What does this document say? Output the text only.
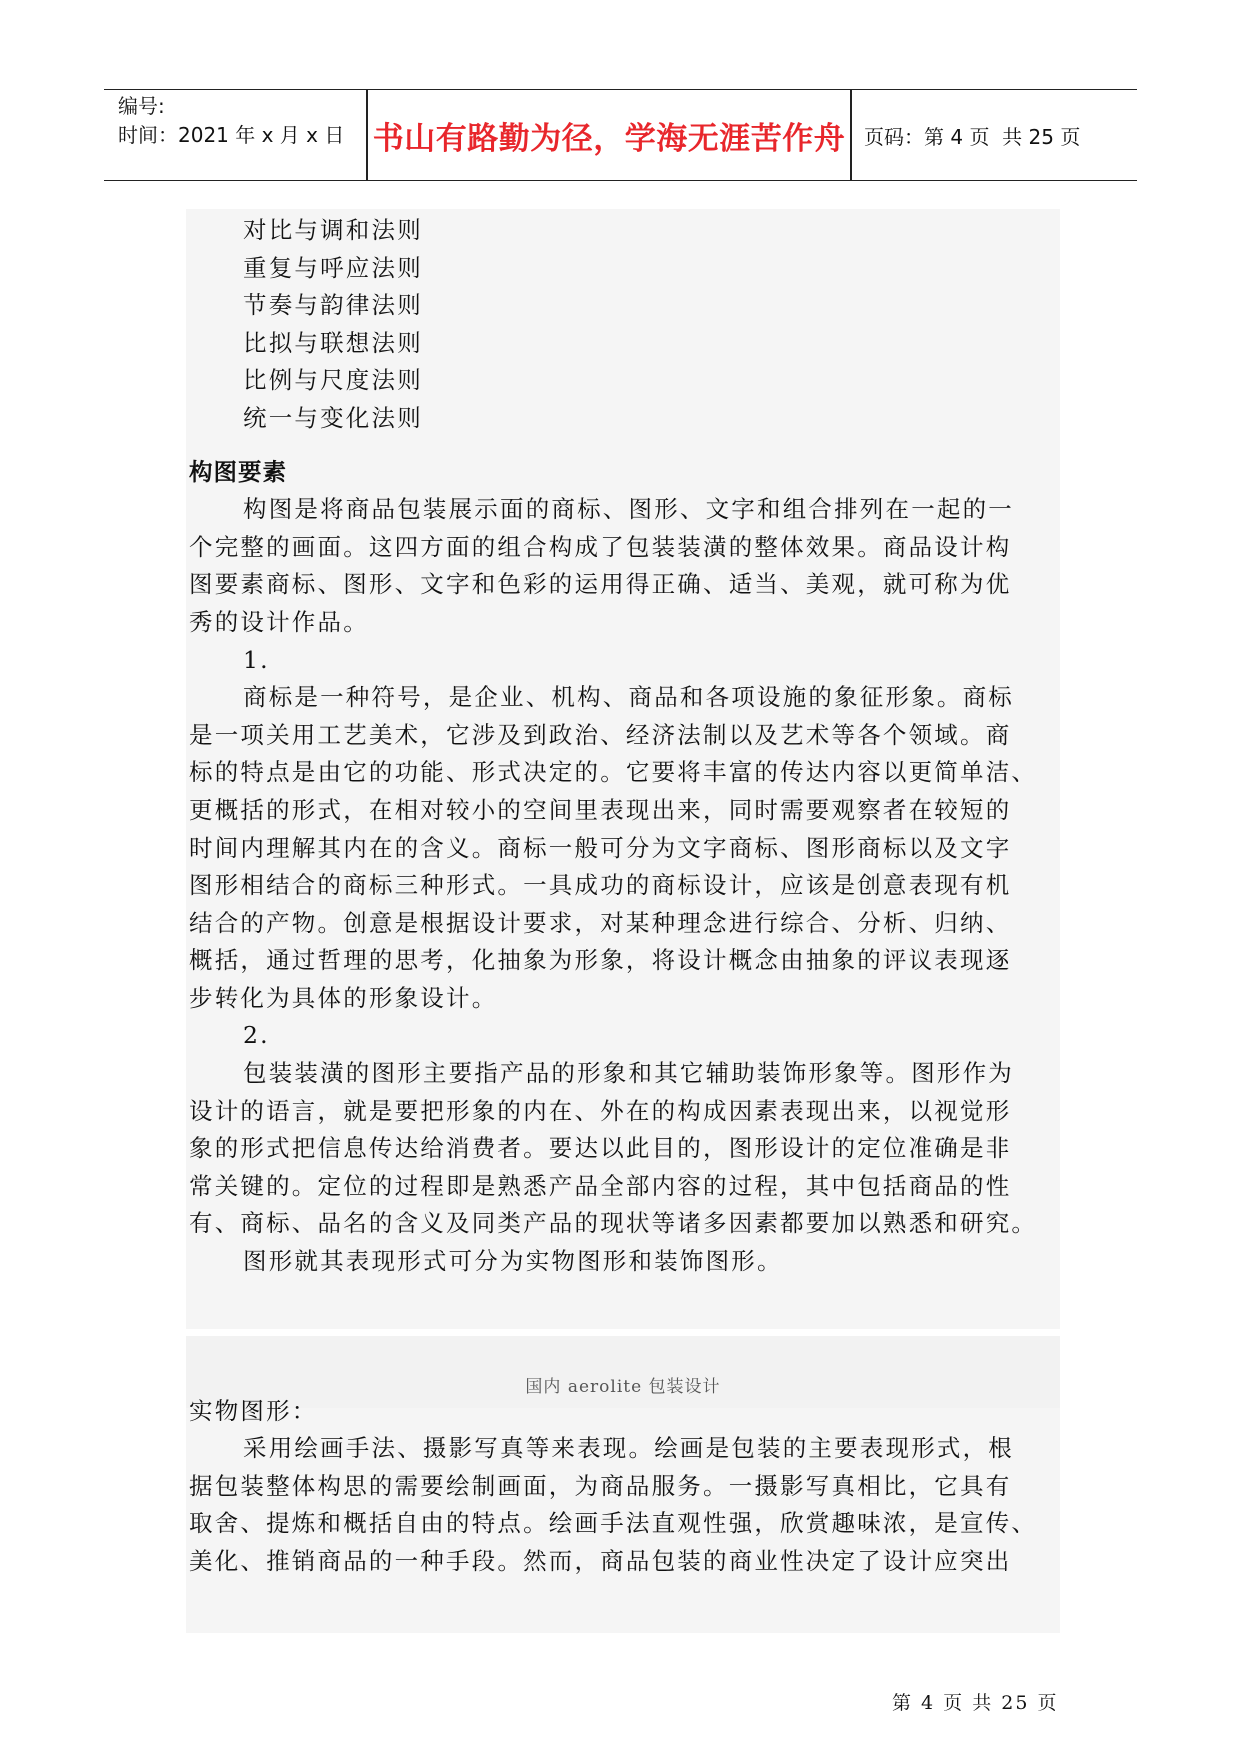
编号:
时间：2021 年 x 月 x 日 书山有路勤为径，学海无涯苦作舟 页码：第 4 页  共 25 页
对比与调和法则
重复与呼应法则
节奏与韵律法则
比拟与联想法则
比例与尺度法则
统一与变化法则
构图要素
构图是将商品包装展示面的商标、图形、文字和组合排列在一起的一
个完整的画面。这四方面的组合构成了包装装潢的整体效果。商品设计构
图要素商标、图形、文字和色彩的运用得正确、适当、美观，就可称为优
秀的设计作品。
1.
商标是一种符号，是企业、机构、商品和各项设施的象征形象。商标
是一项关用工艺美术，它涉及到政治、经济法制以及艺术等各个领域。商
标的特点是由它的功能、形式决定的。它要将丰富的传达内容以更简单洁、
更概括的形式，在相对较小的空间里表现出来，同时需要观察者在较短的
时间内理解其内在的含义。商标一般可分为文字商标、图形商标以及文字
图形相结合的商标三种形式。一具成功的商标设计，应该是创意表现有机
结合的产物。创意是根据设计要求，对某种理念进行综合、分析、归纳、
概括，通过哲理的思考，化抽象为形象，将设计概念由抽象的评议表现逐
步转化为具体的形象设计。
2.
包装装潢的图形主要指产品的形象和其它辅助装饰形象等。图形作为
设计的语言，就是要把形象的内在、外在的构成因素表现出来，以视觉形
象的形式把信息传达给消费者。要达以此目的，图形设计的定位准确是非
常关键的。定位的过程即是熟悉产品全部内容的过程，其中包括商品的性
有、商标、品名的含义及同类产品的现状等诸多因素都要加以熟悉和研究。
图形就其表现形式可分为实物图形和装饰图形。
实物图形：
采用绘画手法、摄影写真等来表现。绘画是包装的主要表现形式，根
据包装整体构思的需要绘制画面，为商品服务。一摄影写真相比，它具有
取舍、提炼和概括自由的特点。绘画手法直观性强，欣赏趣味浓，是宣传、
美化、推销商品的一种手段。然而，商品包装的商业性决定了设计应突出
国内 aerolite 包装设计
第 4 页 共 25 页
